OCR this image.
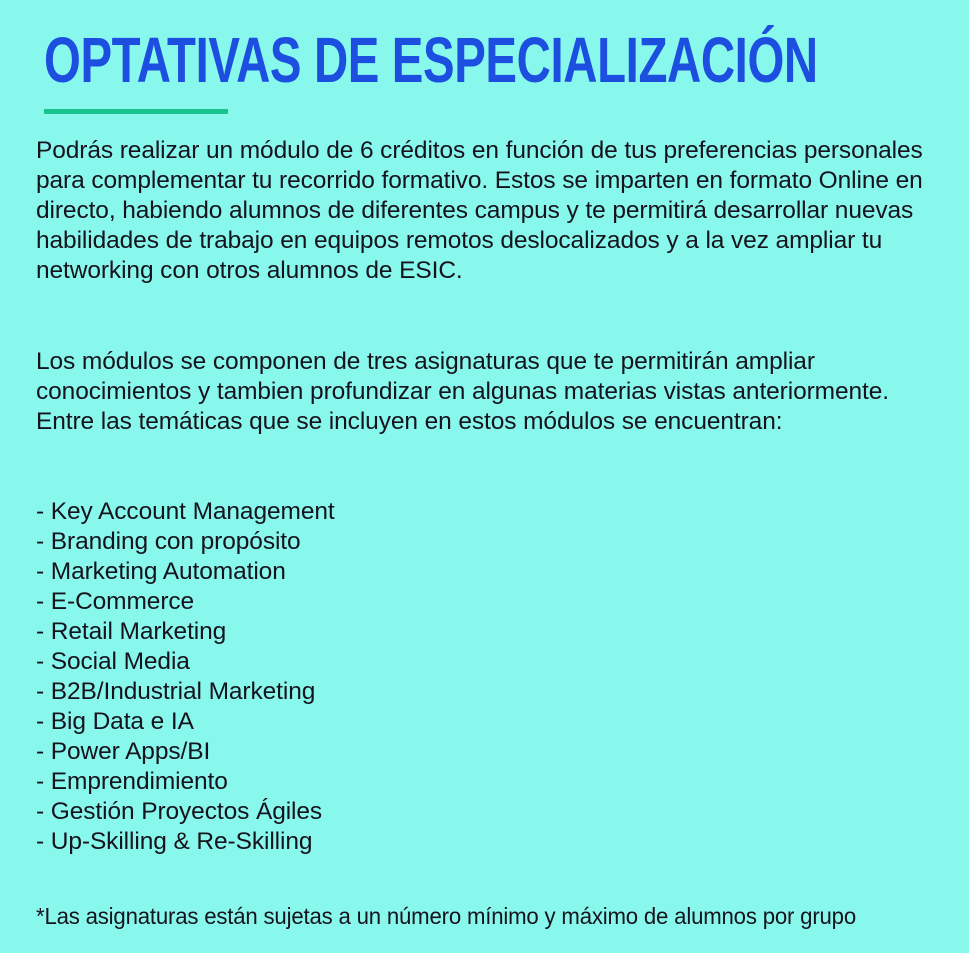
OPTATIVAS DE ESPECIALIZACIÓN

Podrás realizar un módulo de 6 créditos en función de tus preferencias personales para complementar tu recorrido formativo. Estos se imparten en formato Online en directo, habiendo alumnos de diferentes campus y te permitirá desarrollar nuevas habilidades de trabajo en equipos remotos deslocalizados y a la vez ampliar tu networking con otros alumnos de ESIC.

Los módulos se componen de tres asignaturas que te permitirán ampliar conocimientos y tambien profundizar en algunas materias vistas anteriormente. Entre las temáticas que se incluyen en estos módulos se encuentran:

- Key Account Management
- Branding con propósito
- Marketing Automation
- E-Commerce
- Retail Marketing
- Social Media
- B2B/Industrial Marketing
- Big Data e IA
- Power Apps/BI
- Emprendimiento
- Gestión Proyectos Ágiles
- Up-Skilling & Re-Skilling

*Las asignaturas están sujetas a un número mínimo y máximo de alumnos por grupo
